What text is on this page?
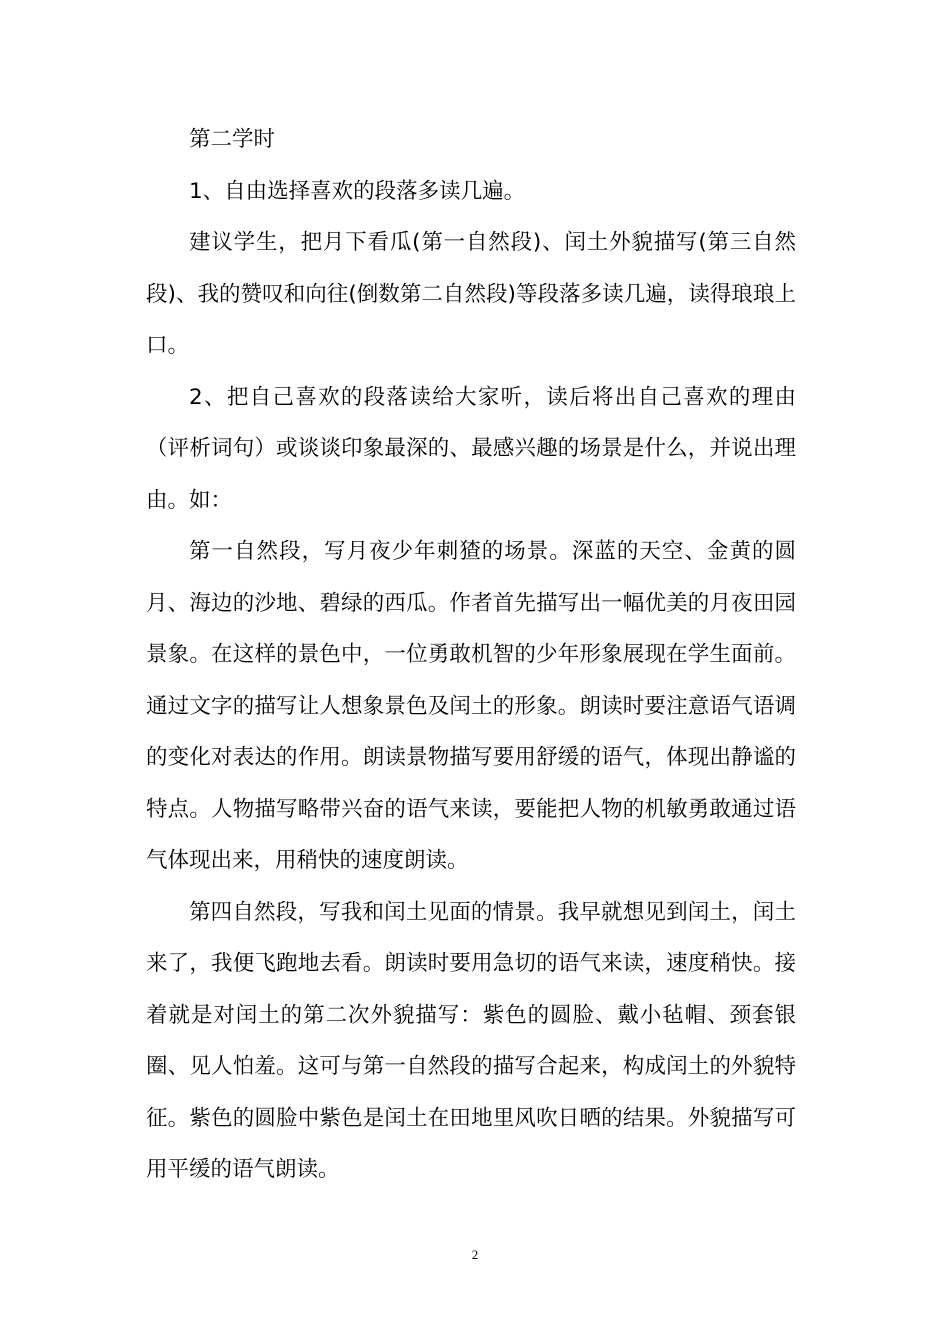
第二学时

1、自由选择喜欢的段落多读几遍。

建议学生，把月下看瓜(第一自然段)、闰土外貌描写(第三自然段)、我的赞叹和向往(倒数第二自然段)等段落多读几遍，读得琅琅上口。

2、把自己喜欢的段落读给大家听，读后将出自己喜欢的理由（评析词句）或谈谈印象最深的、最感兴趣的场景是什么，并说出理由。如：

第一自然段，写月夜少年刺猹的场景。深蓝的天空、金黄的圆月、海边的沙地、碧绿的西瓜。作者首先描写出一幅优美的月夜田园景象。在这样的景色中，一位勇敢机智的少年形象展现在学生面前。通过文字的描写让人想象景色及闰土的形象。朗读时要注意语气语调的变化对表达的作用。朗读景物描写要用舒缓的语气，体现出静谧的特点。人物描写略带兴奋的语气来读，要能把人物的机敏勇敢通过语气体现出来，用稍快的速度朗读。

第四自然段，写我和闰土见面的情景。我早就想见到闰土，闰土来了，我便飞跑地去看。朗读时要用急切的语气来读，速度稍快。接着就是对闰土的第二次外貌描写：紫色的圆脸、戴小毡帽、颈套银圈、见人怕羞。这可与第一自然段的描写合起来，构成闰土的外貌特征。紫色的圆脸中紫色是闰土在田地里风吹日晒的结果。外貌描写可用平缓的语气朗读。

2
